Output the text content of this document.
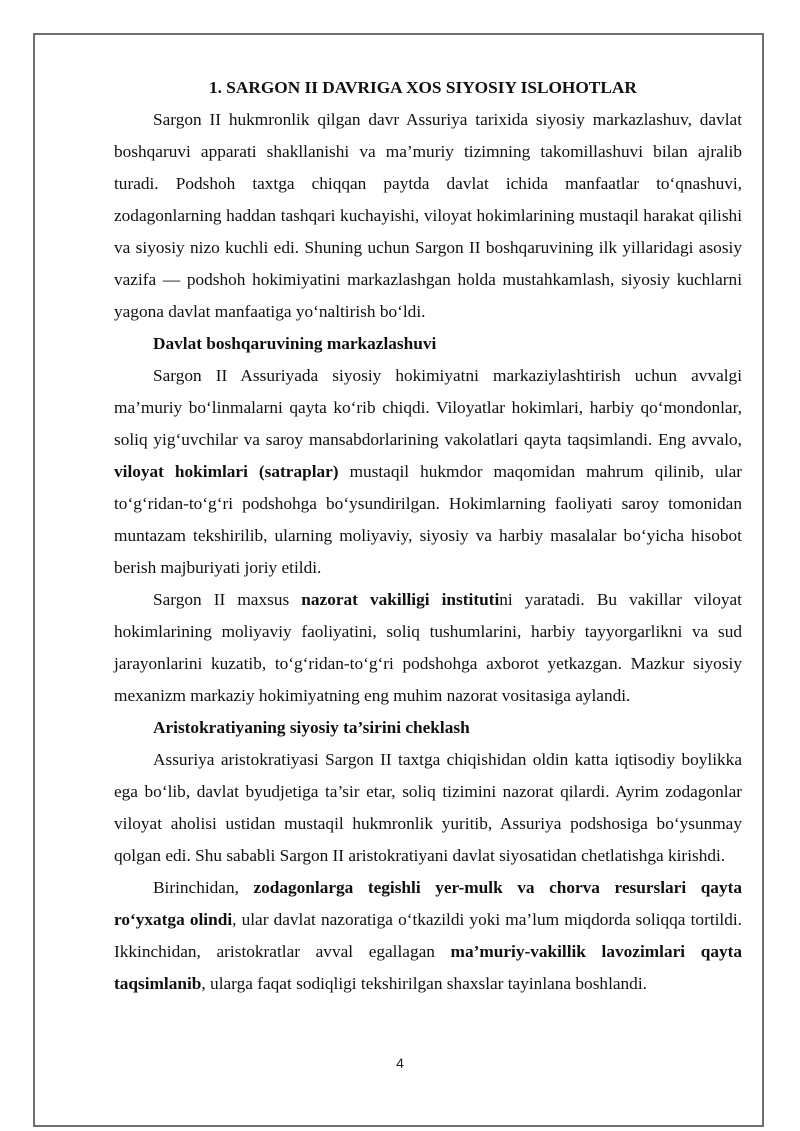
1. SARGON II DAVRIGA XOS SIYOSIY ISLOHOTLAR

Sargon II hukmronlik qilgan davr Assuriya tarixida siyosiy markazlashuv, davlat boshqaruvi apparati shakllanishi va ma’muriy tizimning takomillashuvi bilan ajralib turadi. Podshoh taxtga chiqqan paytda davlat ichida manfaatlar to‘qnashuvi, zodagonlarning haddan tashqari kuchayishi, viloyat hokimlarining mustaqil harakat qilishi va siyosiy nizo kuchli edi. Shuning uchun Sargon II boshqaruvining ilk yillaridagi asosiy vazifa — podshoh hokimiyatini markazlashgan holda mustahkamlash, siyosiy kuchlarni yagona davlat manfaatiga yo‘naltirish bo‘ldi.

Davlat boshqaruvining markazlashuvi

Sargon II Assuriyada siyosiy hokimiyatni markaziylashtirish uchun avvalgi ma’muriy bo‘linmalarni qayta ko‘rib chiqdi. Viloyatlar hokimlari, harbiy qo‘mondonlar, soliq yig‘uvchilar va saroy mansabdorlarining vakolatlari qayta taqsimlandi. Eng avvalo, viloyat hokimlari (satraplar) mustaqil hukmdor maqomidan mahrum qilinib, ular to‘g‘ridan-to‘g‘ri podshohga bo‘ysundirilgan. Hokimlarning faoliyati saroy tomonidan muntazam tekshirilib, ularning moliyaviy, siyosiy va harbiy masalalar bo‘yicha hisobot berish majburiyati joriy etildi.

Sargon II maxsus nazorat vakilligi institutini yaratadi. Bu vakillar viloyat hokimlarining moliyaviy faoliyatini, soliq tushumlarini, harbiy tayyorgarlikni va sud jarayonlarini kuzatib, to‘g‘ridan-to‘g‘ri podshohga axborot yetkazgan. Mazkur siyosiy mexanizm markaziy hokimiyatning eng muhim nazorat vositasiga aylandi.

Aristokratiyaning siyosiy ta’sirini cheklash

Assuriya aristokratiyasi Sargon II taxtga chiqishidan oldin katta iqtisodiy boylikka ega bo‘lib, davlat byudjetiga ta’sir etar, soliq tizimini nazorat qilardi. Ayrim zodagonlar viloyat aholisi ustidan mustaqil hukmronlik yuritib, Assuriya podshosiga bo‘ysunmay qolgan edi. Shu sababli Sargon II aristokratiyani davlat siyosatidan chetlatishga kirishdi.

Birinchidan, zodagonlarga tegishli yer-mulk va chorva resurslari qayta ro‘yxatga olindi, ular davlat nazoratiga o‘tkazildi yoki ma’lum miqdorda soliqqa tortildi. Ikkinchidan, aristokratlar avval egallagan ma’muriy-vakillik lavozimlari qayta taqsimlanib, ularga faqat sodiqligi tekshirilgan shaxslar tayinlana boshlandi.

4
